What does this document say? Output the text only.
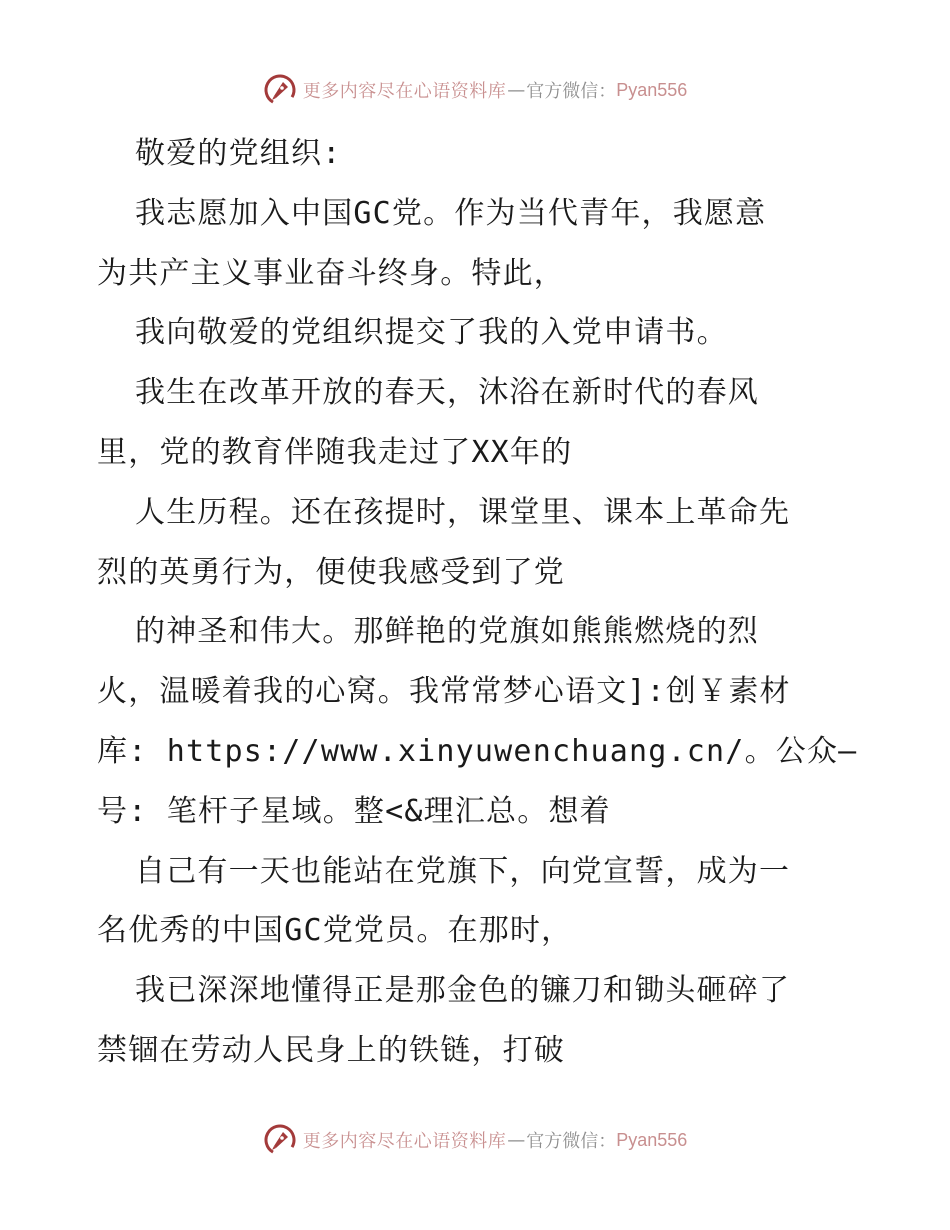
更多内容尽在心语资料库 — 官方微信： Pyan556
敬爱的党组织:
我志愿加入中国GC党。作为当代青年，我愿意
为共产主义事业奋斗终身。特此，
我向敬爱的党组织提交了我的入党申请书。
我生在改革开放的春天，沐浴在新时代的春风
里，党的教育伴随我走过了XX年的
人生历程。还在孩提时，课堂里、课本上革命先
烈的英勇行为，便使我感受到了党
的神圣和伟大。那鲜艳的党旗如熊熊燃烧的烈
火，温暖着我的心窝。我常常梦心语文]:创￥素材
库: https://www.xinyuwenchuang.cn/。公众—
号: 笔杆子星域。整<&理汇总。想着
自己有一天也能站在党旗下，向党宣誓，成为一
名优秀的中国GC党党员。在那时，
我已深深地懂得正是那金色的镰刀和锄头砸碎了
禁锢在劳动人民身上的铁链，打破
更多内容尽在心语资料库 — 官方微信： Pyan556
